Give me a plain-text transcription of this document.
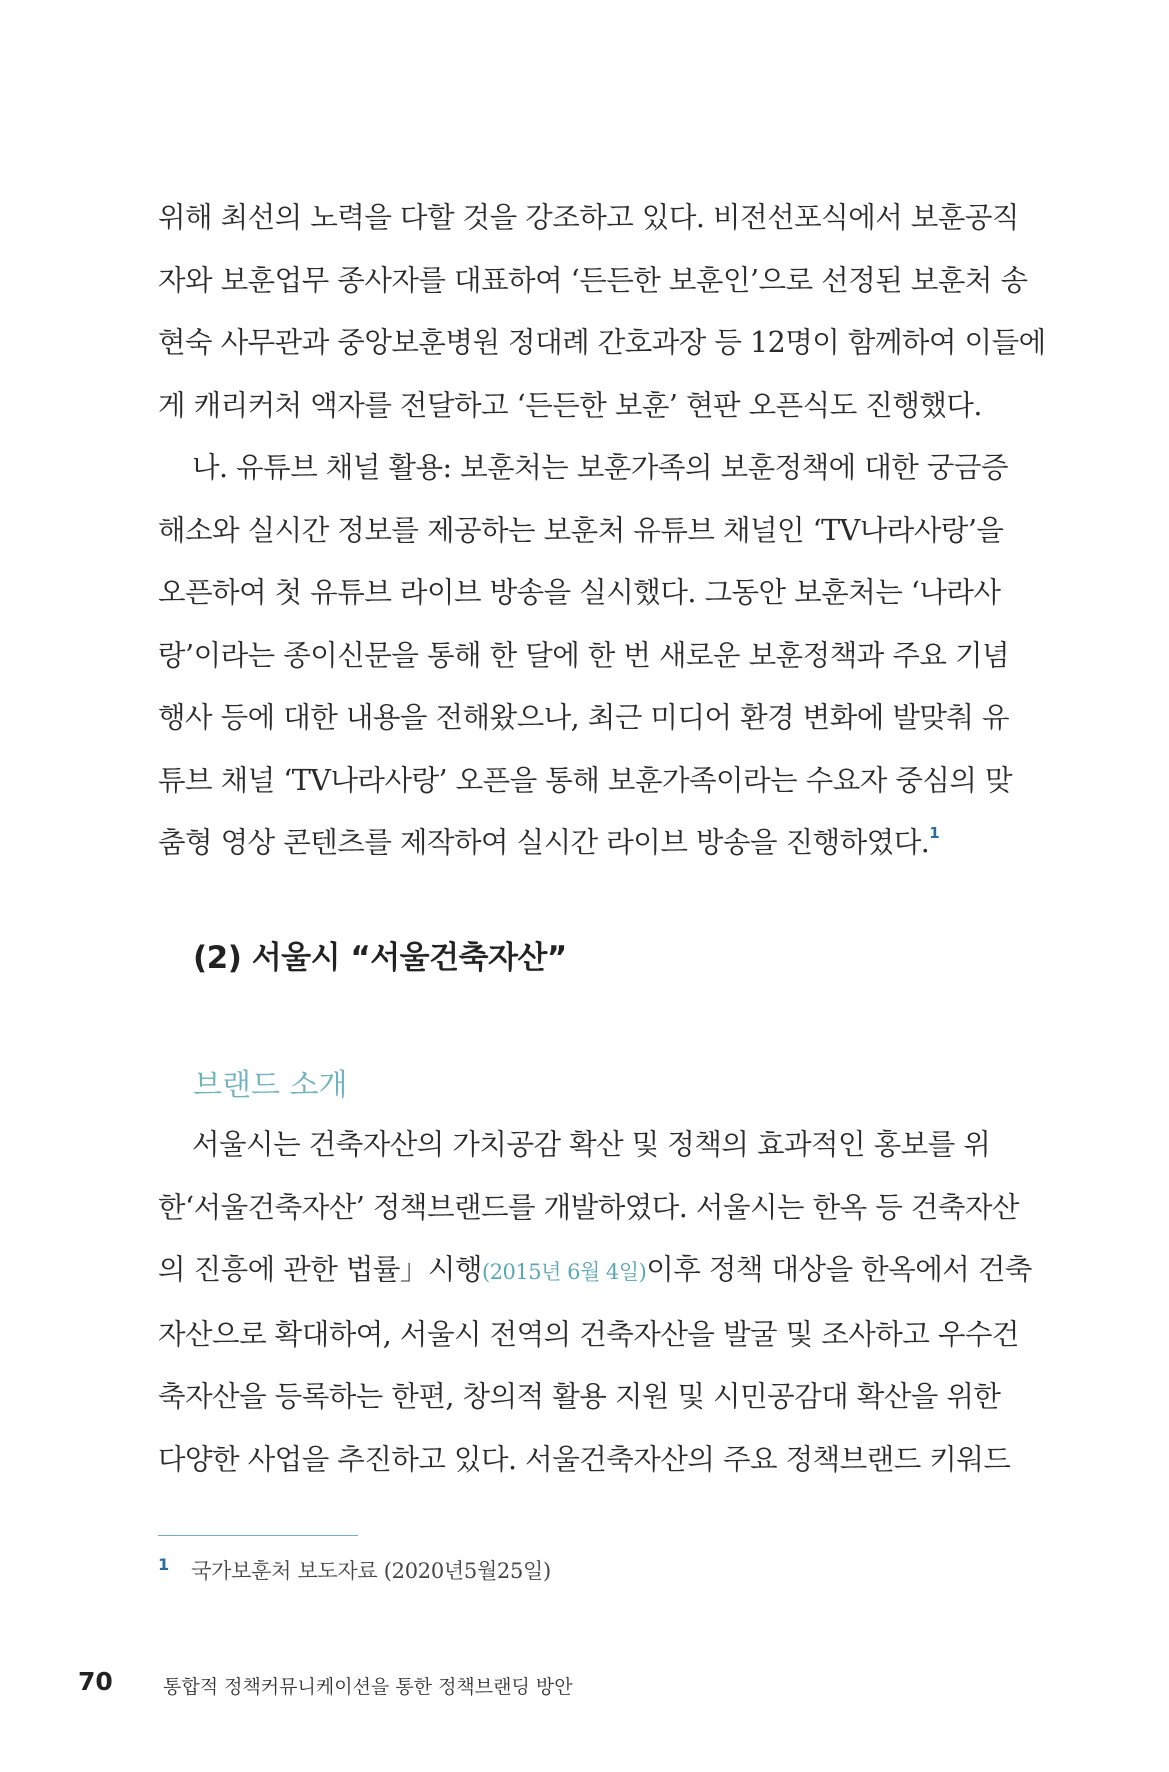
위해 최선의 노력을 다할 것을 강조하고 있다. 비전선포식에서 보훈공직
자와 보훈업무 종사자를 대표하여 ‘든든한 보훈인’으로 선정된 보훈처 송
현숙 사무관과 중앙보훈병원 정대례 간호과장 등 12명이 함께하여 이들에
게 캐리커처 액자를 전달하고 ‘든든한 보훈’ 현판 오픈식도 진행했다.
나. 유튜브 채널 활용: 보훈처는 보훈가족의 보훈정책에 대한 궁금증
해소와 실시간 정보를 제공하는 보훈처 유튜브 채널인 ‘TV나라사랑’을
오픈하여 첫 유튜브 라이브 방송을 실시했다. 그동안 보훈처는 ‘나라사
랑’이라는 종이신문을 통해 한 달에 한 번 새로운 보훈정책과 주요 기념
행사 등에 대한 내용을 전해왔으나, 최근 미디어 환경 변화에 발맞춰 유
튜브 채널 ‘TV나라사랑’ 오픈을 통해 보훈가족이라는 수요자 중심의 맞
춤형 영상 콘텐츠를 제작하여 실시간 라이브 방송을 진행하였다.$^1$
(2) 서울시 “서울건축자산”
브랜드 소개
서울시는 건축자산의 가치공감 확산 및 정책의 효과적인 홍보를 위
한‘서울건축자산’ 정책브랜드를 개발하였다. 서울시는 한옥 등 건축자산
의 진흥에 관한 법률」시행(2015년 6월 4일)이후 정책 대상을 한옥에서 건축
자산으로 확대하여, 서울시 전역의 건축자산을 발굴 및 조사하고 우수건
축자산을 등록하는 한편, 창의적 활용 지원 및 시민공감대 확산을 위한
다양한 사업을 추진하고 있다. 서울건축자산의 주요 정책브랜드 키워드
1 국가보훈처 보도자료 (2020년5월25일)
70	통합적 정책커뮤니케이션을 통한 정책브랜딩 방안
